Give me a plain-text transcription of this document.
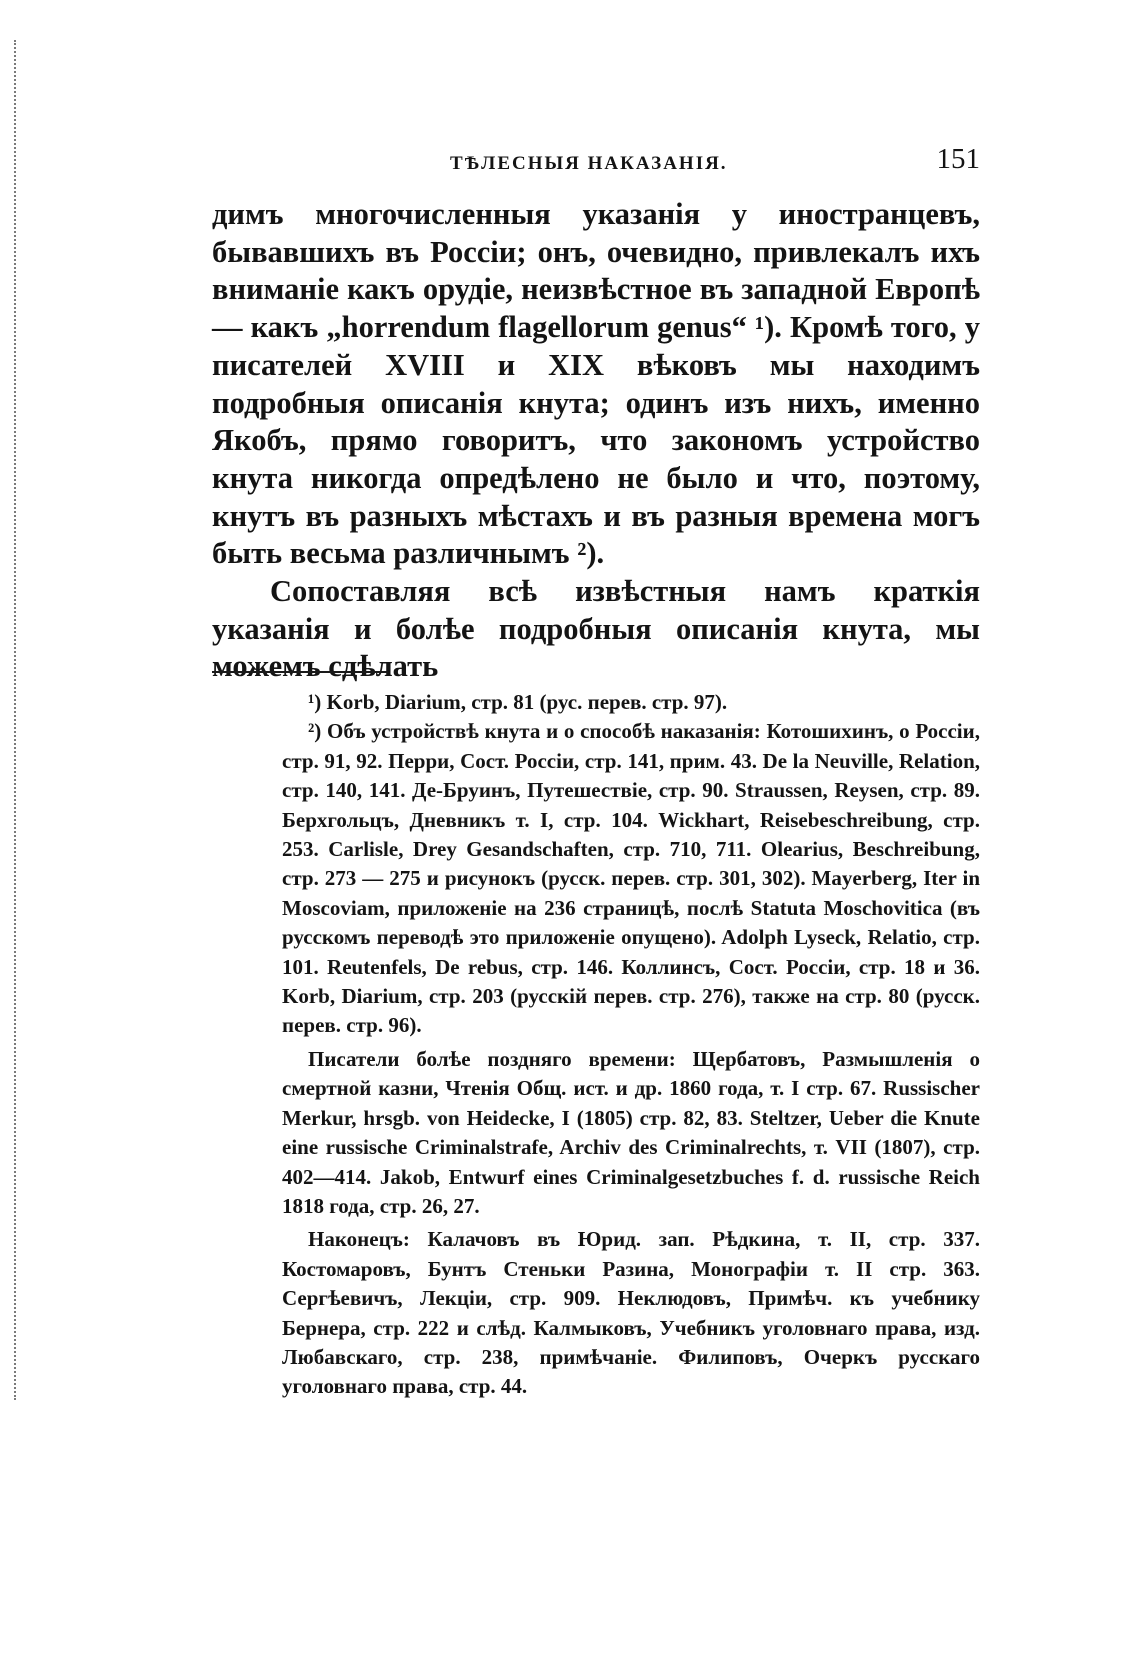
ТѢЛЕСНЫЯ НАКАЗАНІЯ.	151

димъ многочисленныя указанія у иностранцевъ, бывавшихъ въ Россіи; онъ, очевидно, привлекалъ ихъ вниманіе какъ орудіе, неизвѣстное въ западной Европѣ — какъ „horrendum flagellorum genus“ ¹). Кромѣ того, у писателей XVIII и XIX вѣковъ мы находимъ подробныя описанія кнута; одинъ изъ нихъ, именно Якобъ, прямо говоритъ, что закономъ устройство кнута никогда опредѣлено не было и что, поэтому, кнутъ въ разныхъ мѣстахъ и въ разныя времена могъ быть весьма различнымъ ²).

Сопоставляя всѣ извѣстныя намъ краткія указанія и болѣе подробныя описанія кнута, мы можемъ сдѣлать

¹) Korb, Diarium, стр. 81 (рус. перев. стр. 97).

²) Объ устройствѣ кнута и о способѣ наказанія: Котошихинъ, о Россіи, стр. 91, 92. Перри, Сост. Россіи, стр. 141, прим. 43. De la Neuville, Relation, стр. 140, 141. Де-Бруинъ, Путешествіе, стр. 90. Straussen, Reysen, стр. 89. Берхгольцъ, Дневникъ т. I, стр. 104. Wickhart, Reisebeschreibung, стр. 253. Carlisle, Drey Gesandschaften, стр. 710, 711. Olearius, Beschreibung, стр. 273 — 275 и рисунокъ (русск. перев. стр. 301, 302). Mayerberg, Iter in Moscoviam, приложеніе на 236 страницѣ, послѣ Statuta Moschovitica (въ русскомъ переводѣ это приложеніе опущено). Adolph Lyseck, Relatio, стр. 101. Reutenfels, De rebus, стр. 146. Коллинсъ, Сост. Россіи, стр. 18 и 36. Korb, Diarium, стр. 203 (русскій перев. стр. 276), также на стр. 80 (русск. перев. стр. 96).

Писатели болѣе поздняго времени: Щербатовъ, Размышленія о смертной казни, Чтенія Общ. ист. и др. 1860 года, т. I стр. 67. Russischer Merkur, hrsgb. von Heidecke, I (1805) стр. 82, 83. Steltzer, Ueber die Knute eine russische Criminalstrafe, Archiv des Criminalrechts, т. VII (1807), стр. 402—414. Jakob, Entwurf eines Criminalgesetzbuches f. d. russische Reich 1818 года, стр. 26, 27.

Наконецъ: Калачовъ въ Юрид. зап. Рѣдкина, т. II, стр. 337. Костомаровъ, Бунтъ Стеньки Разина, Монографіи т. II стр. 363. Сергѣевичъ, Лекціи, стр. 909. Неклюдовъ, Примѣч. къ учебнику Бернера, стр. 222 и слѣд. Калмыковъ, Учебникъ уголовнаго права, изд. Любавскаго, стр. 238, примѣчаніе. Филиповъ, Очеркъ русскаго уголовнаго права, стр. 44.
